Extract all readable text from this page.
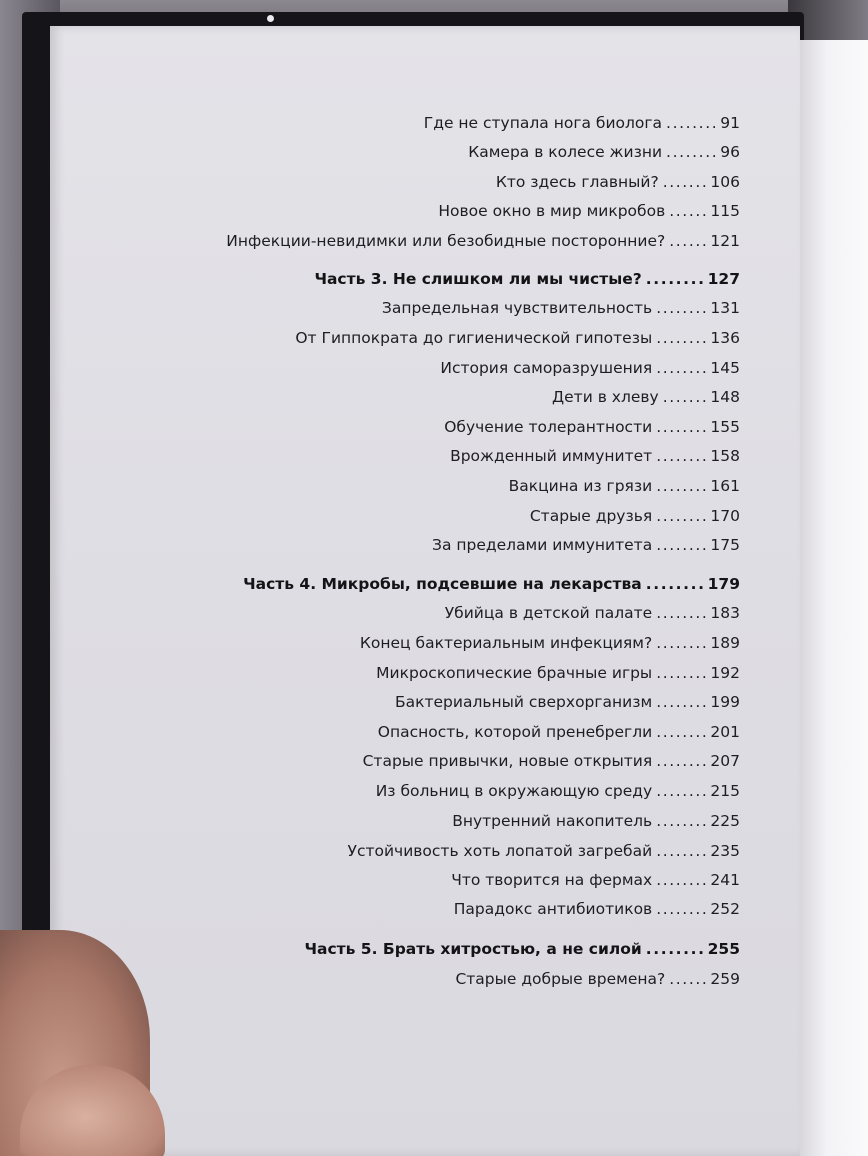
Где не ступала нога биолога ........ 91
Камера в колесе жизни ........ 96
Кто здесь главный? ....... 106
Новое окно в мир микробов ...... 115
Инфекции-невидимки или безобидные посторонние? ...... 121
Часть 3. Не слишком ли мы чистые? ........ 127
Запредельная чувствительность ........ 131
От Гиппократа до гигиенической гипотезы ........ 136
История саморазрушения ........ 145
Дети в хлеву ....... 148
Обучение толерантности ........ 155
Врожденный иммунитет ........ 158
Вакцина из грязи ........ 161
Старые друзья ........ 170
За пределами иммунитета ........ 175
Часть 4. Микробы, подсевшие на лекарства ........ 179
Убийца в детской палате ........ 183
Конец бактериальным инфекциям? ........ 189
Микроскопические брачные игры ........ 192
Бактериальный сверхорганизм ........ 199
Опасность, которой пренебрегли ........ 201
Старые привычки, новые открытия ........ 207
Из больниц в окружающую среду ........ 215
Внутренний накопитель ........ 225
Устойчивость хоть лопатой загребай ........ 235
Что творится на фермах ........ 241
Парадокс антибиотиков ........ 252
Часть 5. Брать хитростью, а не силой ........ 255
Старые добрые времена? ...... 259
